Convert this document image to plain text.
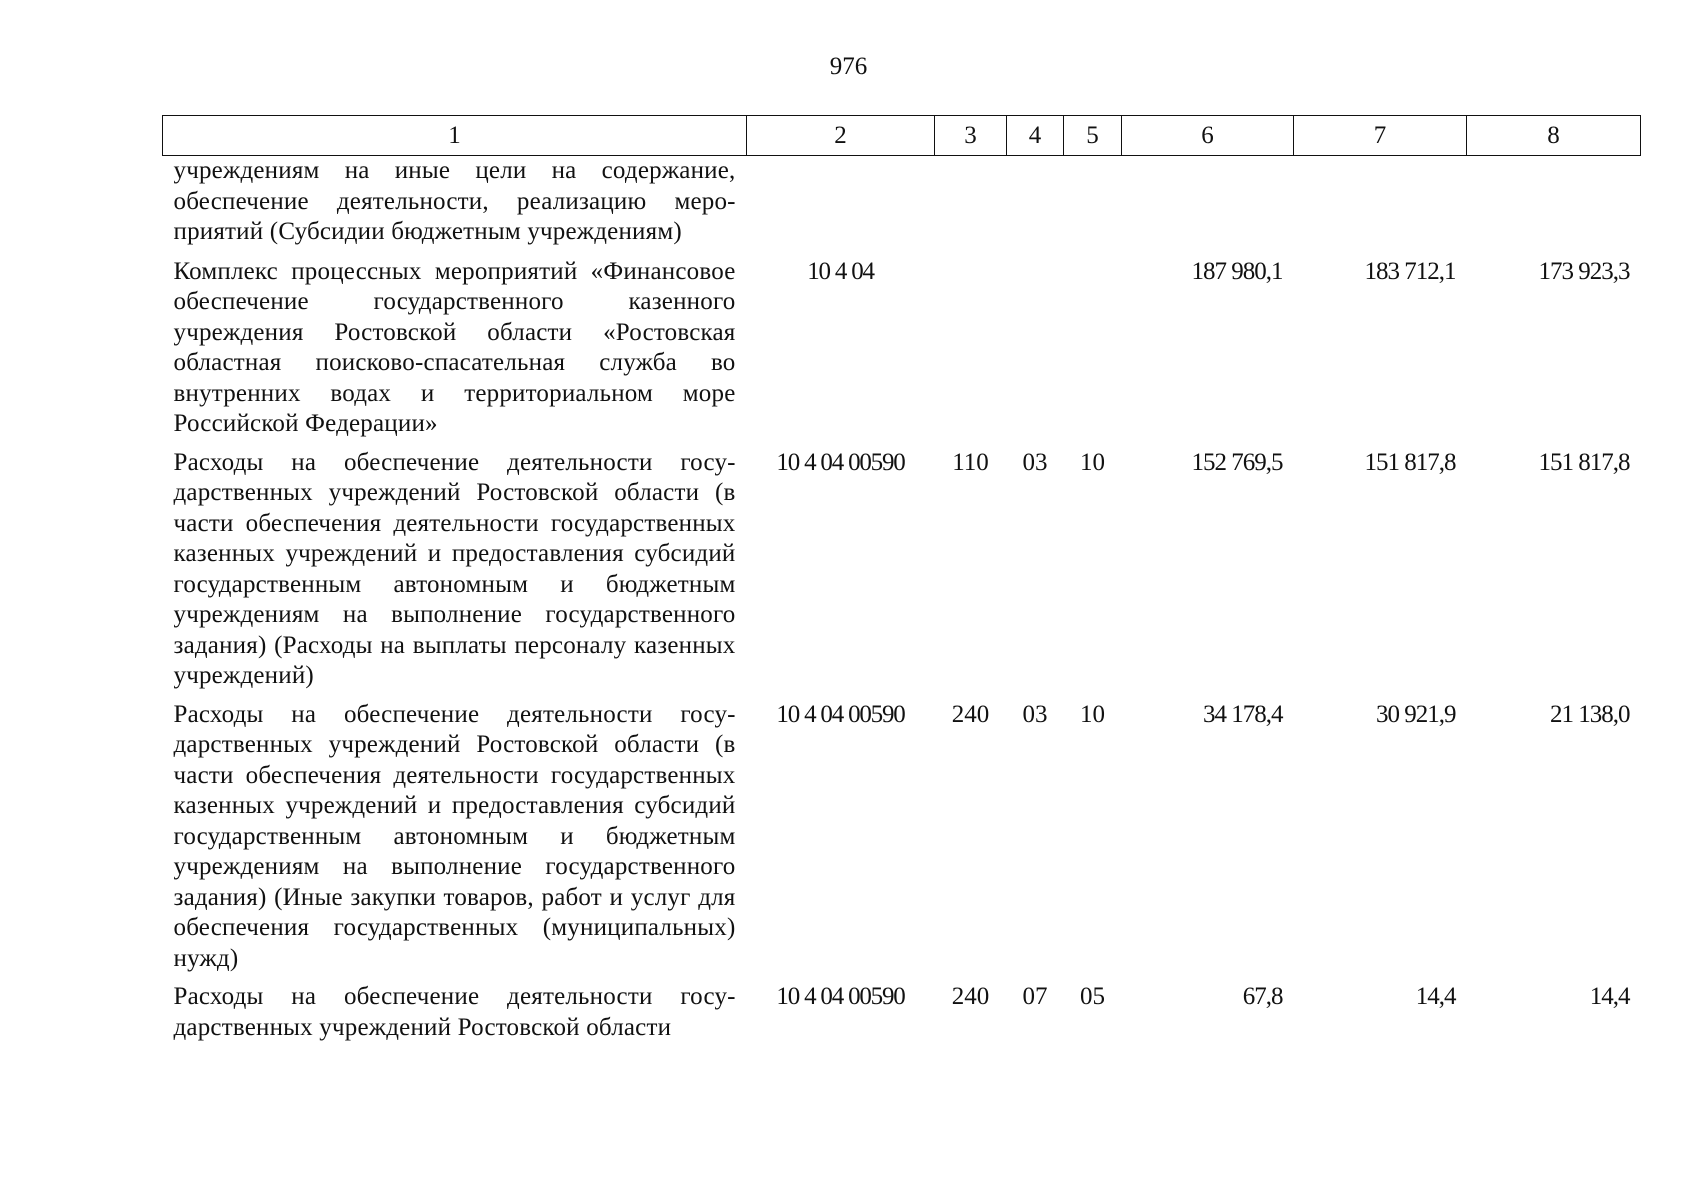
976
1	2	3	4	5	6	7	8
учреждениям на иные цели на содержание, обеспечение деятельности, реализацию мероприятий (Субсидии бюджетным учреждениям)							
Комплекс процессных мероприятий «Финансовое обеспечение государственного казенного учреждения Ростовской области «Ростовская областная поисково-спасательная служба во внутренних водах и территориальном море Российской Федерации»	10 4 04				187 980,1	183 712,1	173 923,3
Расходы на обеспечение деятельности государственных учреждений Ростовской области (в части обеспечения деятельности государственных казенных учреждений и предоставления субсидий государственным автономным и бюджетным учреждениям на выполнение государственного задания) (Расходы на выплаты персоналу казенных учреждений)	10 4 04 00590	110	03	10	152 769,5	151 817,8	151 817,8
Расходы на обеспечение деятельности государственных учреждений Ростовской области (в части обеспечения деятельности государственных казенных учреждений и предоставления субсидий государственным автономным и бюджетным учреждениям на выполнение государственного задания) (Иные закупки товаров, работ и услуг для обеспечения государственных (муниципальных) нужд)	10 4 04 00590	240	03	10	34 178,4	30 921,9	21 138,0
Расходы на обеспечение деятельности государственных учреждений Ростовской области	10 4 04 00590	240	07	05	67,8	14,4	14,4
